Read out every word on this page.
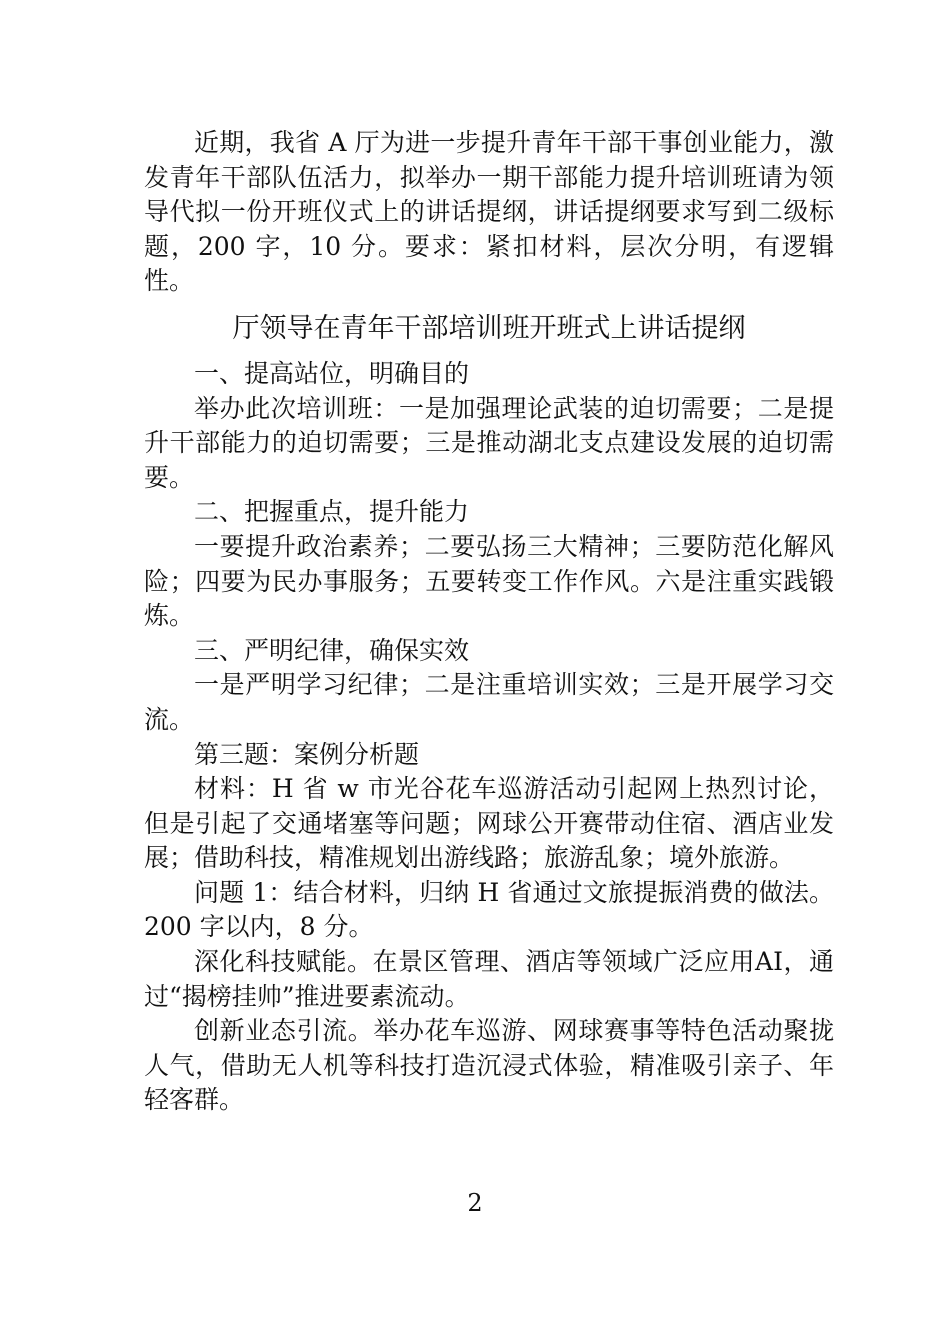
近期，我省 A 厅为进一步提升青年干部干事创业能力，激发青年干部队伍活力，拟举办一期干部能力提升培训班请为领导代拟一份开班仪式上的讲话提纲，讲话提纲要求写到二级标题，200 字，10 分。要求：紧扣材料，层次分明，有逻辑性。

厅领导在青年干部培训班开班式上讲话提纲

一、提高站位，明确目的

举办此次培训班：一是加强理论武装的迫切需要；二是提升干部能力的迫切需要；三是推动湖北支点建设发展的迫切需要。

二、把握重点，提升能力

一要提升政治素养；二要弘扬三大精神；三要防范化解风险；四要为民办事服务；五要转变工作作风。六是注重实践锻炼。

三、严明纪律，确保实效

一是严明学习纪律；二是注重培训实效；三是开展学习交流。

第三题：案例分析题

材料：H 省 w 市光谷花车巡游活动引起网上热烈讨论，但是引起了交通堵塞等问题；网球公开赛带动住宿、酒店业发展；借助科技，精准规划出游线路；旅游乱象；境外旅游。

问题 1：结合材料，归纳 H 省通过文旅提振消费的做法。200 字以内，8 分。

深化科技赋能。在景区管理、酒店等领域广泛应用AI，通过“揭榜挂帅”推进要素流动。

创新业态引流。举办花车巡游、网球赛事等特色活动聚拢人气，借助无人机等科技打造沉浸式体验，精准吸引亲子、年轻客群。

2
